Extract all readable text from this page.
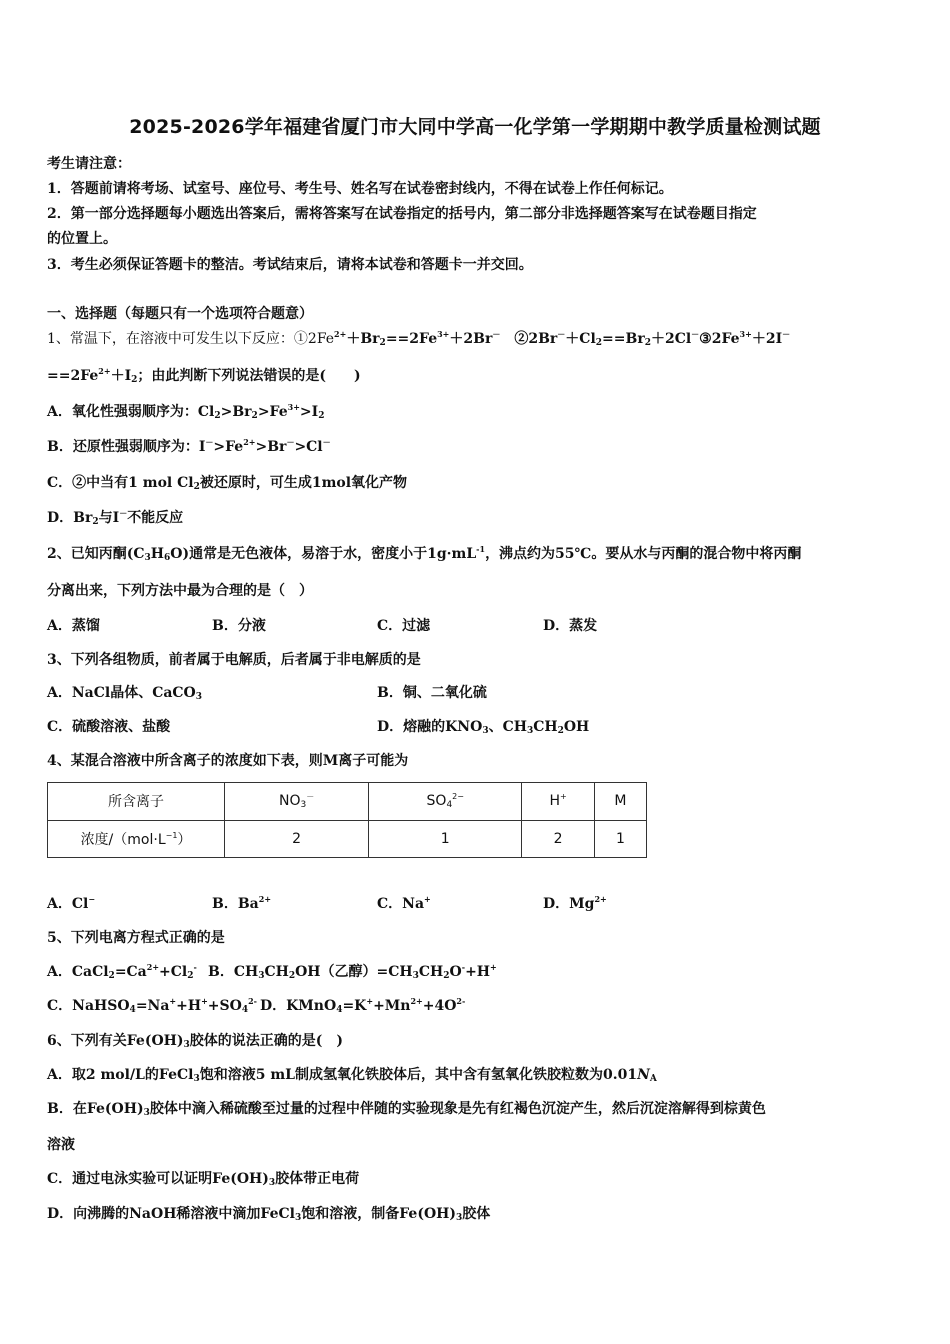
2025-2026学年福建省厦门市大同中学高一化学第一学期期中教学质量检测试题
考生请注意：
1．答题前请将考场、试室号、座位号、考生号、姓名写在试卷密封线内，不得在试卷上作任何标记。
2．第一部分选择题每小题选出答案后，需将答案写在试卷指定的括号内，第二部分非选择题答案写在试卷题目指定
的位置上。
3．考生必须保证答题卡的整洁。考试结束后，请将本试卷和答题卡一并交回。
一、选择题（每题只有一个选项符合题意）
1、常温下，在溶液中可发生以下反应：$①2Fe^{2+}+Br_2==2Fe^{3+}+2Br^-$　$②2Br^-+Cl_2==Br_2+2Cl^-③2Fe^{3+}+2I^-$
$==2Fe^{2+}+I_2$；由此判断下列说法错误的是(　　)
A．氧化性强弱顺序为：$Cl_2>Br_2>Fe^{3+}>I_2$
B．还原性强弱顺序为：$I^->Fe^{2+}>Br^->Cl^-$
C．②中当有1 mol $Cl_2$被还原时，可生成1mol氧化产物
D．$Br_2$与I－不能反应
2、已知丙酮$(C_3H_6O)$通常是无色液体，易溶于水，密度小于$1g\cdot mL^{-1}$，沸点约为55℃。要从水与丙酮的混合物中将丙酮
分离出来，下列方法中最为合理的是（　）
A．蒸馏	B．分液	C．过滤	D．蒸发
3、下列各组物质，前者属于电解质，后者属于非电解质的是
A．NaCl晶体、CaCO$_3$	B．铜、二氧化硫
C．硫酸溶液、盐酸	D．熔融的$KNO_3$、$CH_3CH_2OH$
4、某混合溶液中所含离子的浓度如下表，则M离子可能为
所含离子	$NO_3^-$	$SO_4^{2-}$	H+	M
浓度$/(mol\cdot L^{-1})$	2	1	2	1
A．Cl−	B．$Ba^{2+}$	C．Na+	D．$Mg^{2+}$
5、下列电离方程式正确的是
A．$CaCl_2=Ca^{2+}+Cl_2^-$ B．$CH_3CH_2OH$（乙醇）$=CH_3CH_2O^-+H^+$
C．$NaHSO_4=Na^++H^++SO_4^{2-}$ D．$KMnO_4=K^++Mn^{2+}+4O^{2-}$
6、下列有关$Fe(OH)_3$胶体的说法正确的是(　)
A．取2 mol/L的FeCl$_3$饱和溶液5 mL制成氢氧化铁胶体后，其中含有氢氧化铁胶粒数为$0.01N_A$
B．在$Fe(OH)_3$胶体中滴入稀硫酸至过量的过程中伴随的实验现象是先有红褐色沉淀产生，然后沉淀溶解得到棕黄色
溶液
C．通过电泳实验可以证明$Fe(OH)_3$胶体带正电荷
D．向沸腾的NaOH稀溶液中滴加FeCl$_3$饱和溶液，制备$Fe(OH)_3$胶体
